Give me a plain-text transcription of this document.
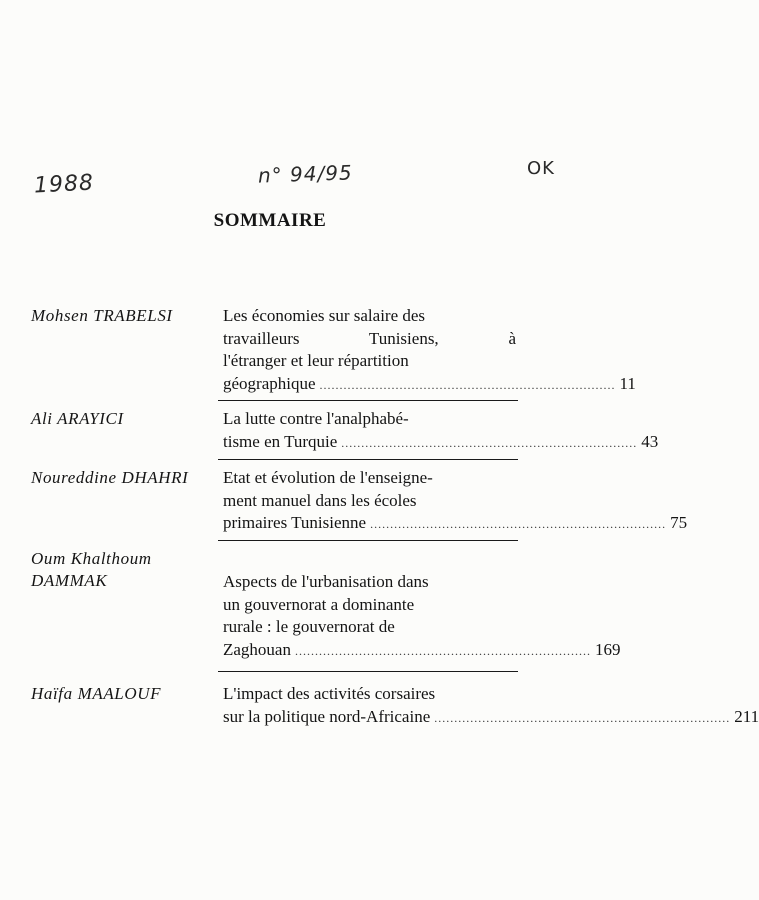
1988	n° 94/95	OK
SOMMAIRE
Mohsen TRABELSI	Les économies sur salaire des
travailleurs Tunisiens, à
l'étranger et leur répartition
géographique .......................................................................... 11
Ali ARAYICI	La lutte contre l'analphabé-
tisme en Turquie .......................................................................... 43
Noureddine DHAHRI	Etat et évolution de l'enseigne-
ment manuel dans les écoles
primaires Tunisienne .......................................................................... 75
Oum Khalthoum
DAMMAK	Aspects de l'urbanisation dans
un gouvernorat a dominante
rurale : le gouvernorat de
Zaghouan .......................................................................... 169
Haïfa MAALOUF	L'impact des activités corsaires
sur la politique nord-Africaine .......................................................................... 211
